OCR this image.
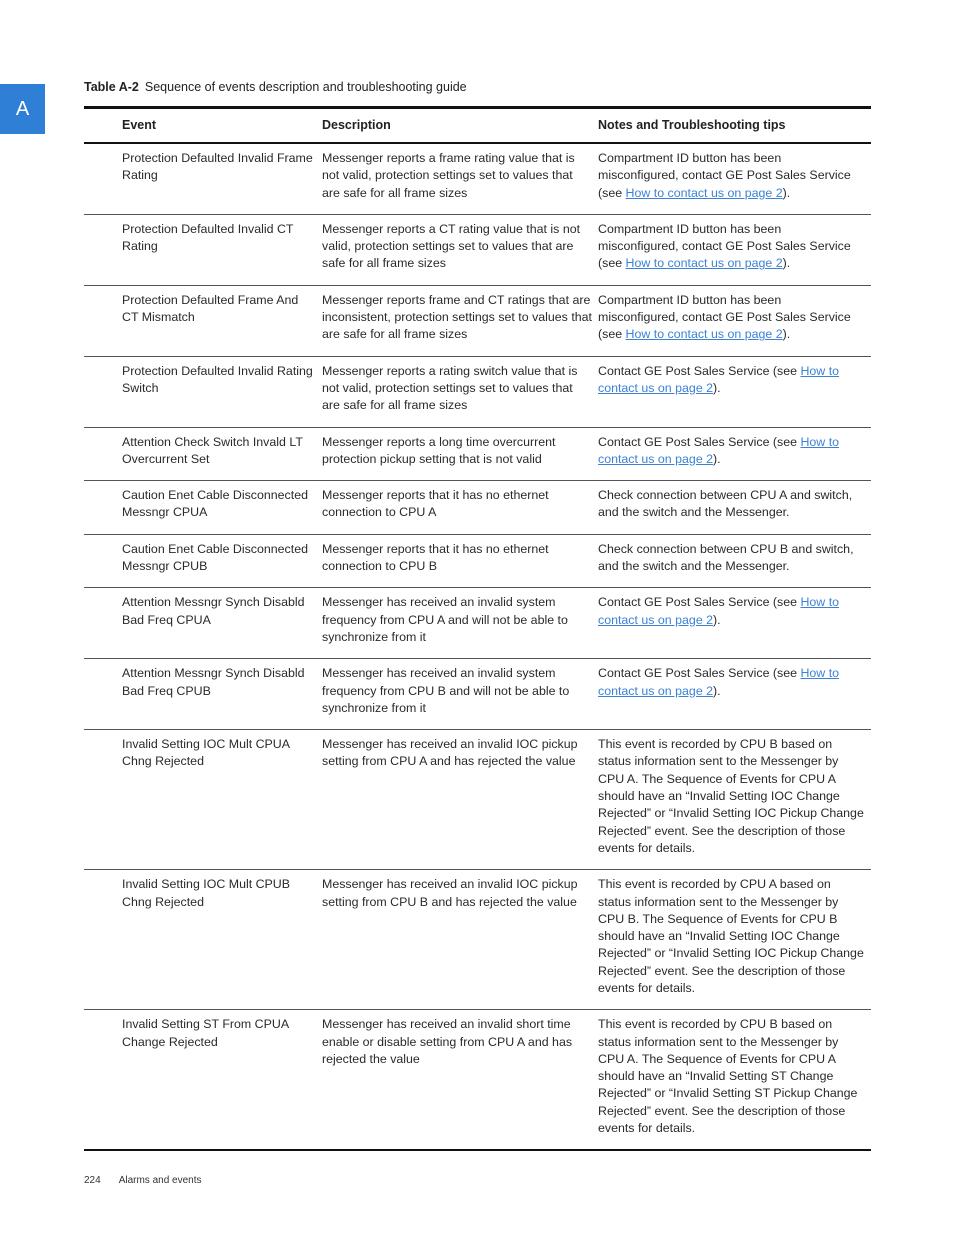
A
Table A-2 Sequence of events description and troubleshooting guide
	Event	Description	Notes and Troubleshooting tips
	Protection Defaulted Invalid Frame Rating	Messenger reports a frame rating value that is not valid, protection settings set to values that are safe for all frame sizes	Compartment ID button has been misconfigured, contact GE Post Sales Service (see How to contact us on page 2).
	Protection Defaulted Invalid CT Rating	Messenger reports a CT rating value that is not valid, protection settings set to values that are safe for all frame sizes	Compartment ID button has been misconfigured, contact GE Post Sales Service (see How to contact us on page 2).
	Protection Defaulted Frame And CT Mismatch	Messenger reports frame and CT ratings that are inconsistent, protection settings set to values that are safe for all frame sizes	Compartment ID button has been misconfigured, contact GE Post Sales Service (see How to contact us on page 2).
	Protection Defaulted Invalid Rating Switch	Messenger reports a rating switch value that is not valid, protection settings set to values that are safe for all frame sizes	Contact GE Post Sales Service (see How to contact us on page 2).
	Attention Check Switch Invald LT Overcurrent Set	Messenger reports a long time overcurrent protection pickup setting that is not valid	Contact GE Post Sales Service (see How to contact us on page 2).
	Caution Enet Cable Disconnected Messngr CPUA	Messenger reports that it has no ethernet connection to CPU A	Check connection between CPU A and switch, and the switch and the Messenger.
	Caution Enet Cable Disconnected Messngr CPUB	Messenger reports that it has no ethernet connection to CPU B	Check connection between CPU B and switch, and the switch and the Messenger.
	Attention Messngr Synch Disabld Bad Freq CPUA	Messenger has received an invalid system frequency from CPU A and will not be able to synchronize from it	Contact GE Post Sales Service (see How to contact us on page 2).
	Attention Messngr Synch Disabld Bad Freq CPUB	Messenger has received an invalid system frequency from CPU B and will not be able to synchronize from it	Contact GE Post Sales Service (see How to contact us on page 2).
	Invalid Setting IOC Mult CPUA Chng Rejected	Messenger has received an invalid IOC pickup setting from CPU A and has rejected the value	This event is recorded by CPU B based on status information sent to the Messenger by CPU A. The Sequence of Events for CPU A should have an “Invalid Setting IOC Change Rejected” or “Invalid Setting IOC Pickup Change Rejected” event. See the description of those events for details.
	Invalid Setting IOC Mult CPUB Chng Rejected	Messenger has received an invalid IOC pickup setting from CPU B and has rejected the value	This event is recorded by CPU A based on status information sent to the Messenger by CPU B. The Sequence of Events for CPU B should have an “Invalid Setting IOC Change Rejected” or “Invalid Setting IOC Pickup Change Rejected” event. See the description of those events for details.
	Invalid Setting ST From CPUA Change Rejected	Messenger has received an invalid short time enable or disable setting from CPU A and has rejected the value	This event is recorded by CPU B based on status information sent to the Messenger by CPU A. The Sequence of Events for CPU A should have an “Invalid Setting ST Change Rejected” or “Invalid Setting ST Pickup Change Rejected” event. See the description of those events for details.
224 Alarms and events
